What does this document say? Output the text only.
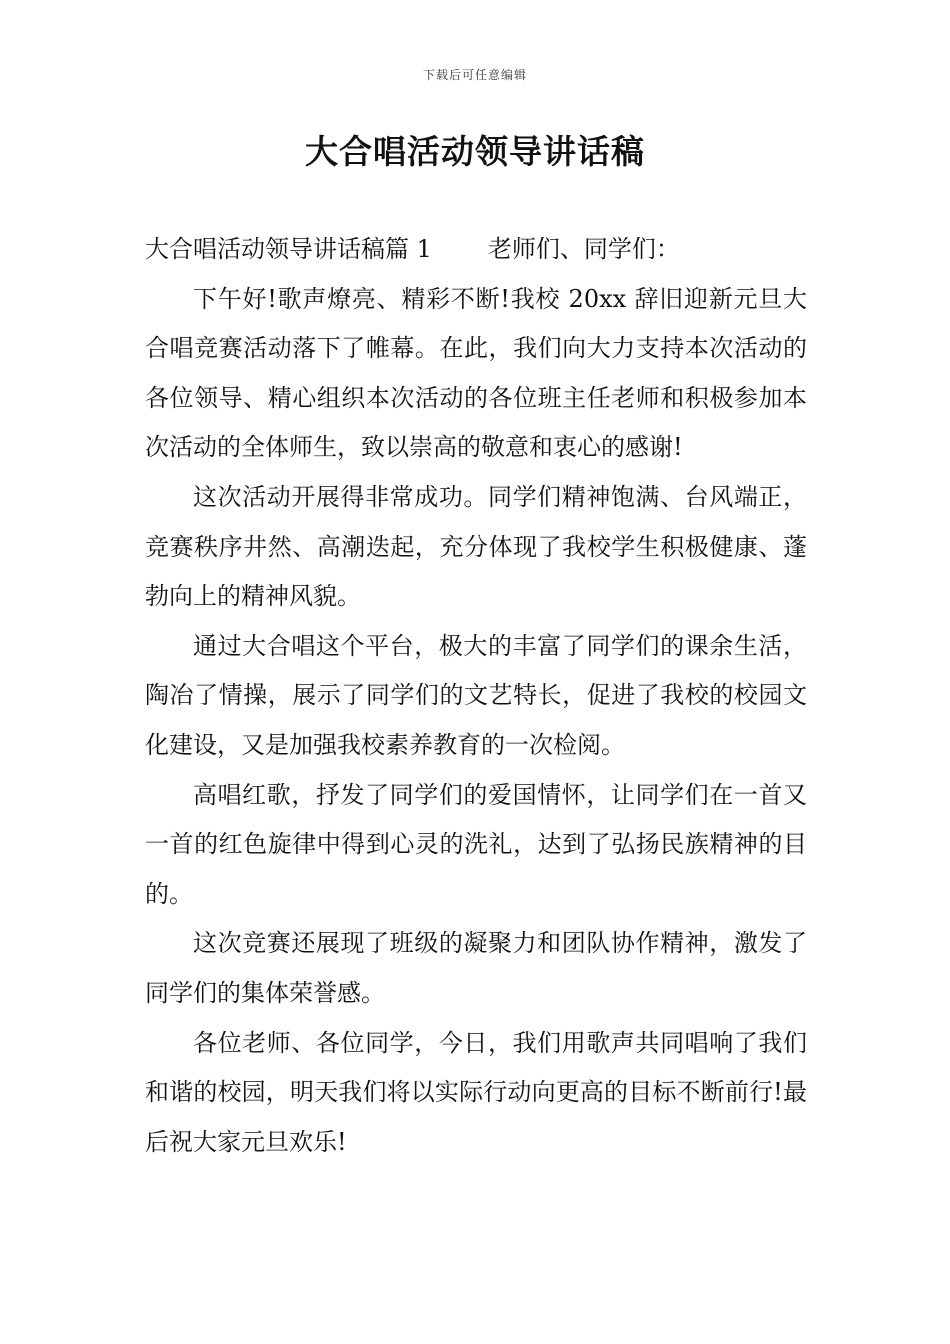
下载后可任意编辑
大合唱活动领导讲话稿

大合唱活动领导讲话稿篇 1 老师们、同学们：

下午好!歌声燎亮、精彩不断!我校 20xx 辞旧迎新元旦大合唱竞赛活动落下了帷幕。在此，我们向大力支持本次活动的各位领导、精心组织本次活动的各位班主任老师和积极参加本次活动的全体师生，致以崇高的敬意和衷心的感谢!

这次活动开展得非常成功。同学们精神饱满、台风端正，竞赛秩序井然、高潮迭起，充分体现了我校学生积极健康、蓬勃向上的精神风貌。

通过大合唱这个平台，极大的丰富了同学们的课余生活，陶冶了情操，展示了同学们的文艺特长，促进了我校的校园文化建设，又是加强我校素养教育的一次检阅。

高唱红歌，抒发了同学们的爱国情怀，让同学们在一首又一首的红色旋律中得到心灵的洗礼，达到了弘扬民族精神的目的。

这次竞赛还展现了班级的凝聚力和团队协作精神，激发了同学们的集体荣誉感。

各位老师、各位同学，今日，我们用歌声共同唱响了我们和谐的校园，明天我们将以实际行动向更高的目标不断前行!最后祝大家元旦欢乐!
